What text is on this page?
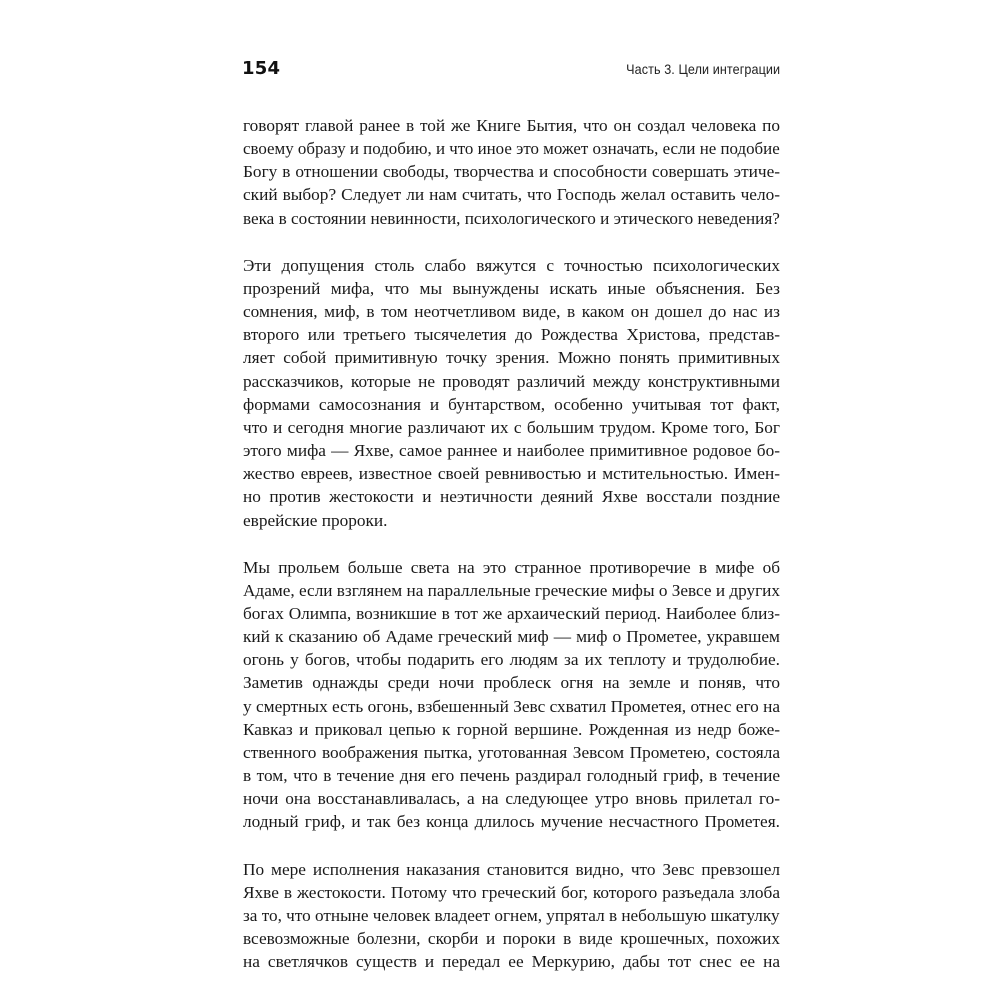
154	Часть 3. Цели интеграции

говорят главой ранее в той же Книге Бытия, что он создал человека по
своему образу и подобию, и что иное это может означать, если не подобие
Богу в отношении свободы, творчества и способности совершать этиче-
ский выбор? Следует ли нам считать, что Господь желал оставить чело-
века в состоянии невинности, психологического и этического неведения?

Эти допущения столь слабо вяжутся с точностью психологических
прозрений мифа, что мы вынуждены искать иные объяснения. Без
сомнения, миф, в том неотчетливом виде, в каком он дошел до нас из
второго или третьего тысячелетия до Рождества Христова, представ-
ляет собой примитивную точку зрения. Можно понять примитивных
рассказчиков, которые не проводят различий между конструктивными
формами самосознания и бунтарством, особенно учитывая тот факт,
что и сегодня многие различают их с большим трудом. Кроме того, Бог
этого мифа — Яхве, самое раннее и наиболее примитивное родовое бо-
жество евреев, известное своей ревнивостью и мстительностью. Имен-
но против жестокости и неэтичности деяний Яхве восстали поздние
еврейские пророки.

Мы прольем больше света на это странное противоречие в мифе об
Адаме, если взглянем на параллельные греческие мифы о Зевсе и других
богах Олимпа, возникшие в тот же архаический период. Наиболее близ-
кий к сказанию об Адаме греческий миф — миф о Прометее, укравшем
огонь у богов, чтобы подарить его людям за их теплоту и трудолюбие.
Заметив однажды среди ночи проблеск огня на земле и поняв, что
у смертных есть огонь, взбешенный Зевс схватил Прометея, отнес его на
Кавказ и приковал цепью к горной вершине. Рожденная из недр боже-
ственного воображения пытка, уготованная Зевсом Прометею, состояла
в том, что в течение дня его печень раздирал голодный гриф, в течение
ночи она восстанавливалась, а на следующее утро вновь прилетал го-
лодный гриф, и так без конца длилось мучение несчастного Прометея.

По мере исполнения наказания становится видно, что Зевс превзошел
Яхве в жестокости. Потому что греческий бог, которого разъедала злоба
за то, что отныне человек владеет огнем, упрятал в небольшую шкатулку
всевозможные болезни, скорби и пороки в виде крошечных, похожих
на светлячков существ и передал ее Меркурию, дабы тот снес ее на
